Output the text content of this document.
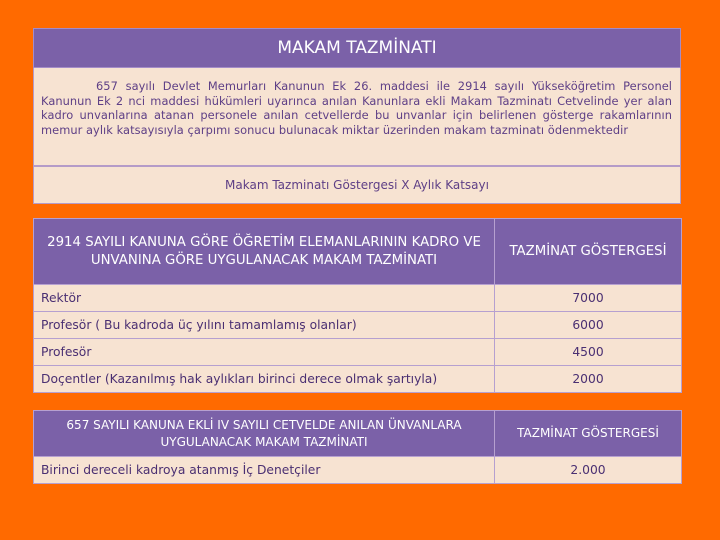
MAKAM TAZMİNATI

657 sayılı Devlet Memurları Kanunun Ek 26. maddesi ile 2914 sayılı Yükseköğretim Personel Kanunun Ek 2 nci maddesi hükümleri uyarınca anılan Kanunlara ekli Makam Tazminatı Cetvelinde yer alan kadro unvanlarına atanan personele anılan cetvellerde bu unvanlar için belirlenen gösterge rakamlarının memur aylık katsayısıyla çarpımı sonucu bulunacak miktar üzerinden makam tazminatı ödenmektedir

Makam Tazminatı Göstergesi X Aylık Katsayı
2914 SAYILI KANUNA GÖRE ÖĞRETİM ELEMANLARININ KADRO VE UNVANINA GÖRE UYGULANACAK MAKAM TAZMİNATI	TAZMİNAT GÖSTERGESİ
Rektör	7000
Profesör ( Bu kadroda üç yılını tamamlamış olanlar)	6000
Profesör	4500
Doçentler (Kazanılmış hak aylıkları birinci derece olmak şartıyla)	2000
657 SAYILI KANUNA EKLİ IV SAYILI CETVELDE ANILAN ÜNVANLARA UYGULANACAK MAKAM TAZMİNATI	TAZMİNAT GÖSTERGESİ
Birinci dereceli kadroya atanmış İç Denetçiler	2.000
